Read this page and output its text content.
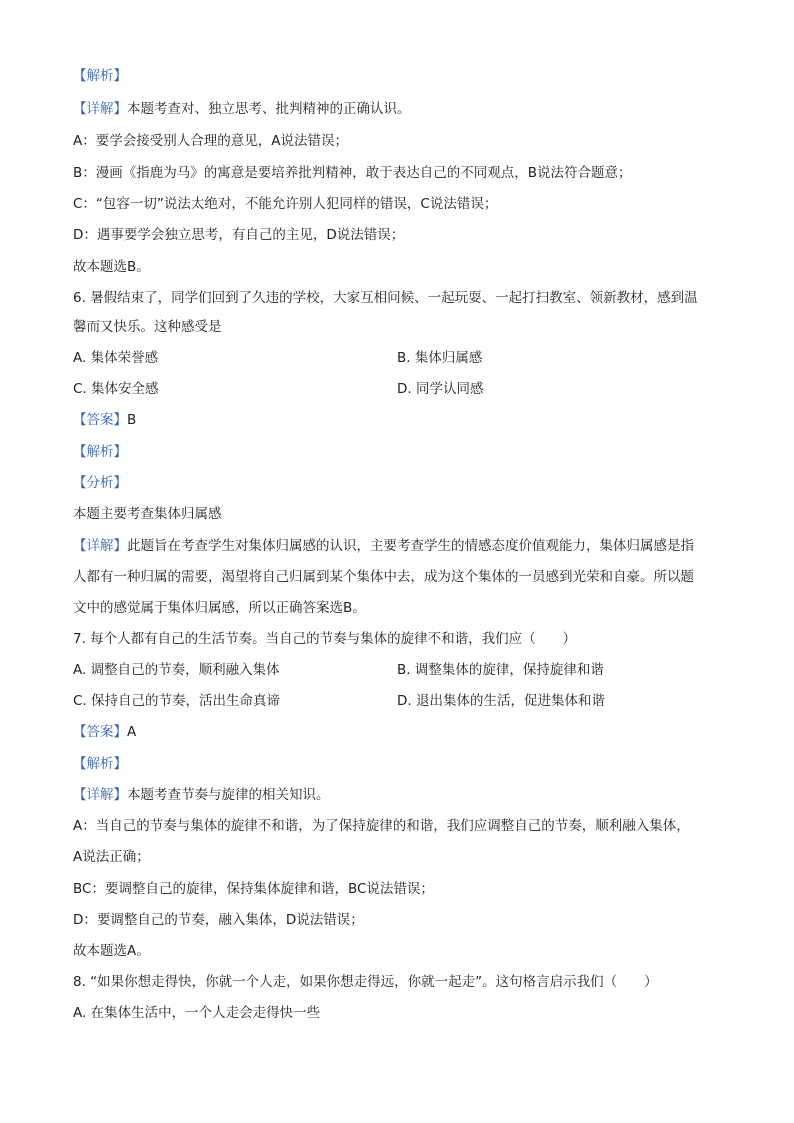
【解析】
【详解】本题考查对、独立思考、批判精神的正确认识。
A：要学会接受别人合理的意见，A说法错误；
B：漫画《指鹿为马》的寓意是要培养批判精神，敢于表达自己的不同观点，B说法符合题意；
C：“包容一切”说法太绝对，不能允许别人犯同样的错误，C说法错误；
D：遇事要学会独立思考，有自己的主见，D说法错误；
故本题选B。
6. 暑假结束了，同学们回到了久违的学校，大家互相问候、一起玩耍、一起打扫教室、领新教材，感到温
馨而又快乐。这种感受是
A. 集体荣誉感	B. 集体归属感
C. 集体安全感	D. 同学认同感
【答案】B
【解析】
【分析】
本题主要考查集体归属感
【详解】此题旨在考查学生对集体归属感的认识，主要考查学生的情感态度价值观能力，集体归属感是指
人都有一种归属的需要，渴望将自己归属到某个集体中去，成为这个集体的一员感到光荣和自豪。所以题
文中的感觉属于集体归属感，所以正确答案选B。
7. 每个人都有自己的生活节奏。当自己的节奏与集体的旋律不和谐，我们应（　　）
A. 调整自己的节奏，顺利融入集体	B. 调整集体的旋律，保持旋律和谐
C. 保持自己的节奏，活出生命真谛	D. 退出集体的生活，促进集体和谐
【答案】A
【解析】
【详解】本题考查节奏与旋律的相关知识。
A：当自己的节奏与集体的旋律不和谐，为了保持旋律的和谐，我们应调整自己的节奏，顺利融入集体，
A说法正确；
BC：要调整自己的旋律，保持集体旋律和谐，BC说法错误；
D：要调整自己的节奏，融入集体，D说法错误；
故本题选A。
8. “如果你想走得快，你就一个人走，如果你想走得远，你就一起走”。这句格言启示我们（　　）
A. 在集体生活中，一个人走会走得快一些
